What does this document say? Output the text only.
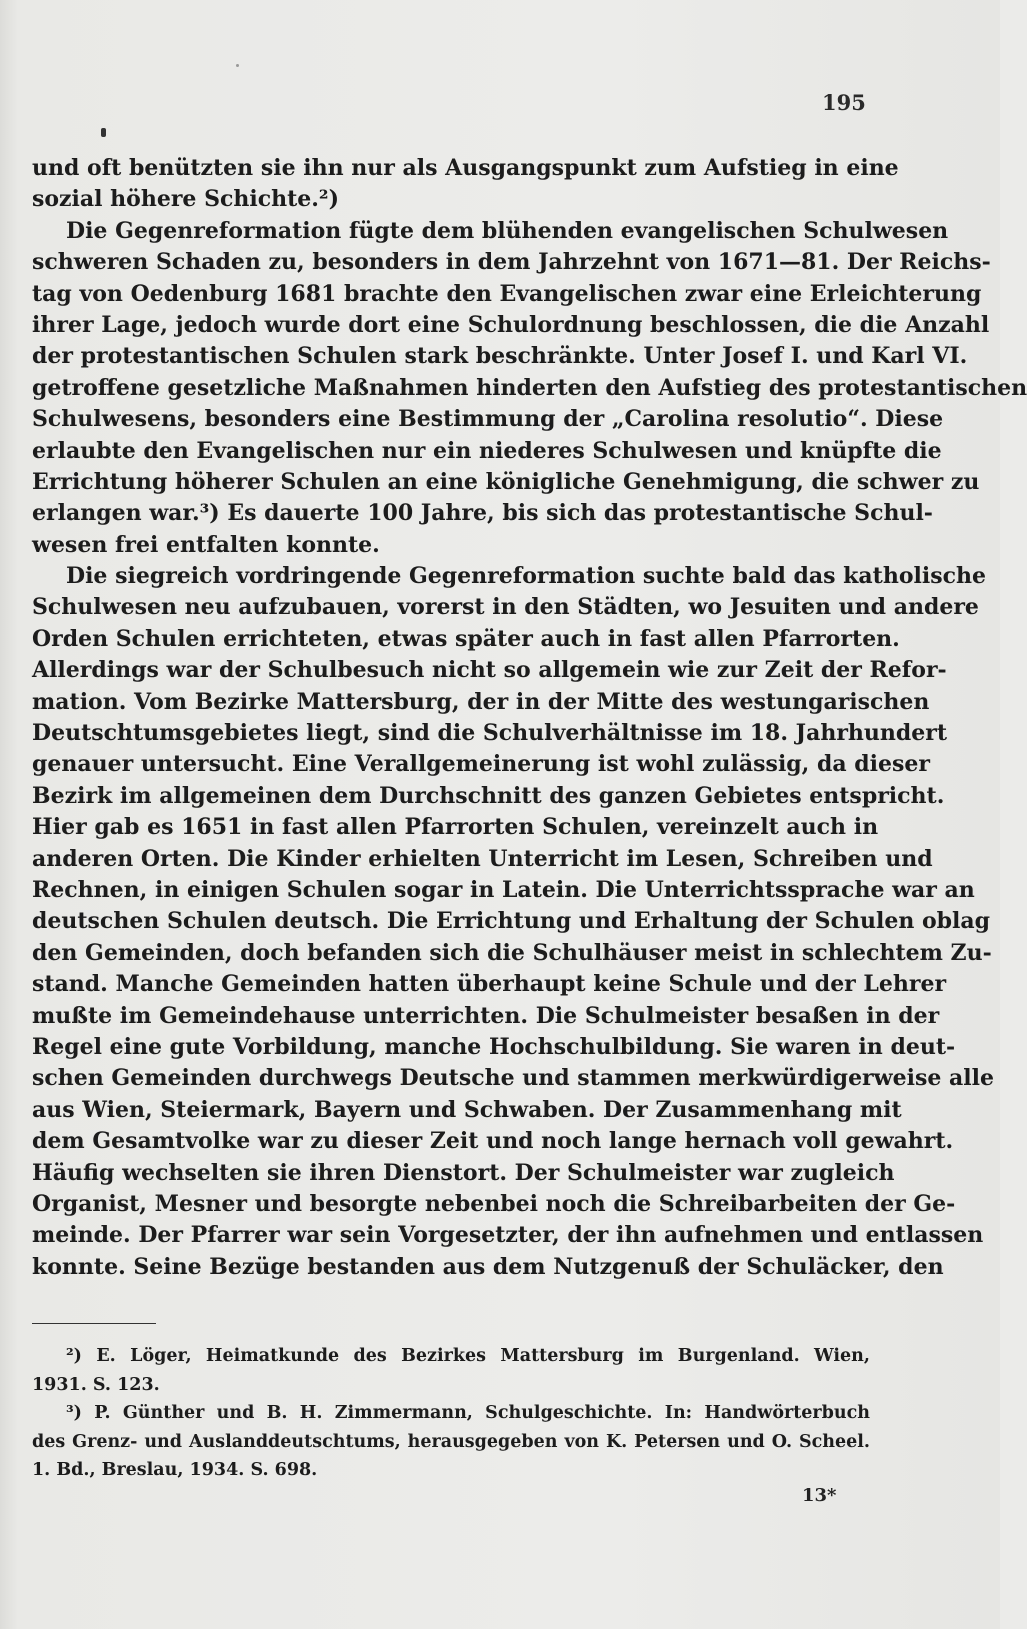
195
und oft benützten sie ihn nur als Ausgangspunkt zum Aufstieg in eine
sozial höhere Schichte.²)
Die Gegenreformation fügte dem blühenden evangelischen Schulwesen
schweren Schaden zu, besonders in dem Jahrzehnt von 1671—81. Der Reichs-
tag von Oedenburg 1681 brachte den Evangelischen zwar eine Erleichterung
ihrer Lage, jedoch wurde dort eine Schulordnung beschlossen, die die Anzahl
der protestantischen Schulen stark beschränkte. Unter Josef I. und Karl VI.
getroffene gesetzliche Maßnahmen hinderten den Aufstieg des protestantischen
Schulwesens, besonders eine Bestimmung der „Carolina resolutio“. Diese
erlaubte den Evangelischen nur ein niederes Schulwesen und knüpfte die
Errichtung höherer Schulen an eine königliche Genehmigung, die schwer zu
erlangen war.³) Es dauerte 100 Jahre, bis sich das protestantische Schul-
wesen frei entfalten konnte.
Die siegreich vordringende Gegenreformation suchte bald das katholische
Schulwesen neu aufzubauen, vorerst in den Städten, wo Jesuiten und andere
Orden Schulen errichteten, etwas später auch in fast allen Pfarrorten.
Allerdings war der Schulbesuch nicht so allgemein wie zur Zeit der Refor-
mation. Vom Bezirke Mattersburg, der in der Mitte des westungarischen
Deutschtumsgebietes liegt, sind die Schulverhältnisse im 18. Jahrhundert
genauer untersucht. Eine Verallgemeinerung ist wohl zulässig, da dieser
Bezirk im allgemeinen dem Durchschnitt des ganzen Gebietes entspricht.
Hier gab es 1651 in fast allen Pfarrorten Schulen, vereinzelt auch in
anderen Orten. Die Kinder erhielten Unterricht im Lesen, Schreiben und
Rechnen, in einigen Schulen sogar in Latein. Die Unterrichtssprache war an
deutschen Schulen deutsch. Die Errichtung und Erhaltung der Schulen oblag
den Gemeinden, doch befanden sich die Schulhäuser meist in schlechtem Zu-
stand. Manche Gemeinden hatten überhaupt keine Schule und der Lehrer
mußte im Gemeindehause unterrichten. Die Schulmeister besaßen in der
Regel eine gute Vorbildung, manche Hochschulbildung. Sie waren in deut-
schen Gemeinden durchwegs Deutsche und stammen merkwürdigerweise alle
aus Wien, Steiermark, Bayern und Schwaben. Der Zusammenhang mit
dem Gesamtvolke war zu dieser Zeit und noch lange hernach voll gewahrt.
Häufig wechselten sie ihren Dienstort. Der Schulmeister war zugleich
Organist, Mesner und besorgte nebenbei noch die Schreibarbeiten der Ge-
meinde. Der Pfarrer war sein Vorgesetzter, der ihn aufnehmen und entlassen
konnte. Seine Bezüge bestanden aus dem Nutzgenuß der Schuläcker, den
²) E. Löger, Heimatkunde des Bezirkes Mattersburg im Burgenland. Wien,
1931. S. 123.
³) P. Günther und B. H. Zimmermann, Schulgeschichte. In: Handwörterbuch
des Grenz- und Auslanddeutschtums, herausgegeben von K. Petersen und O. Scheel.
1. Bd., Breslau, 1934. S. 698.
13*
